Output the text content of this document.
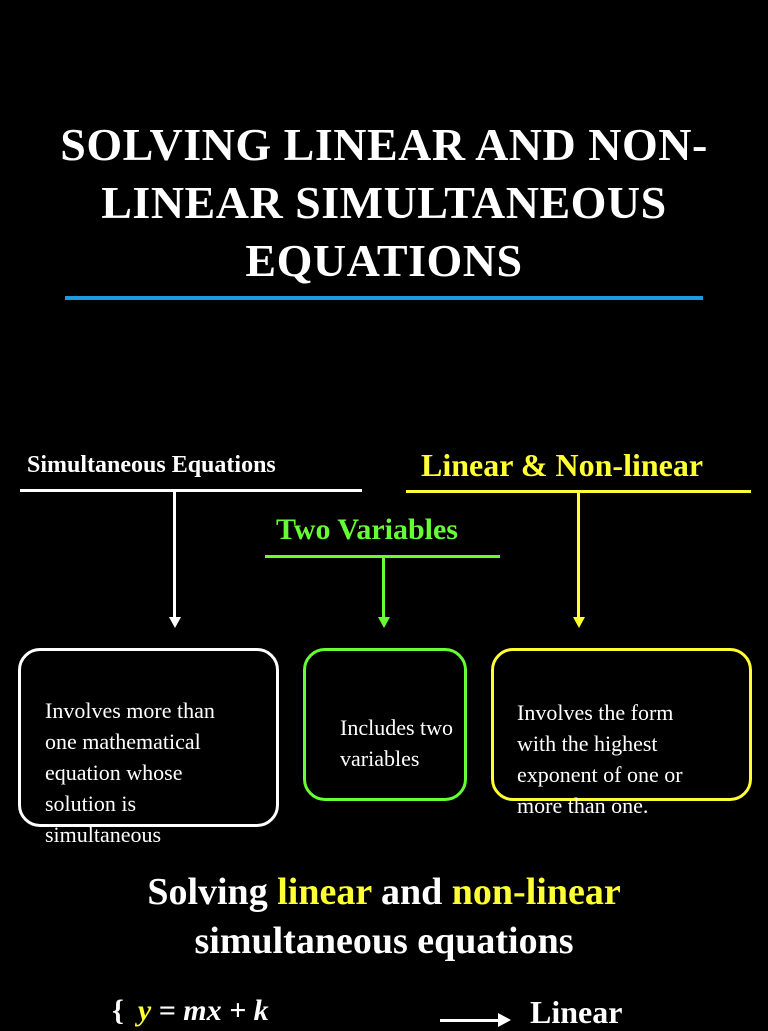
SOLVING LINEAR AND NON-
LINEAR SIMULTANEOUS
EQUATIONS
Simultaneous Equations

Involves more than
one mathematical
equation whose
solution is
simultaneous

Two Variables

Includes two
variables

Linear & Non-linear

Involves the form
with the highest
exponent of one or
more than one.

Solving linear and non-linear
simultaneous equations
{ y = mx + k	Linear
